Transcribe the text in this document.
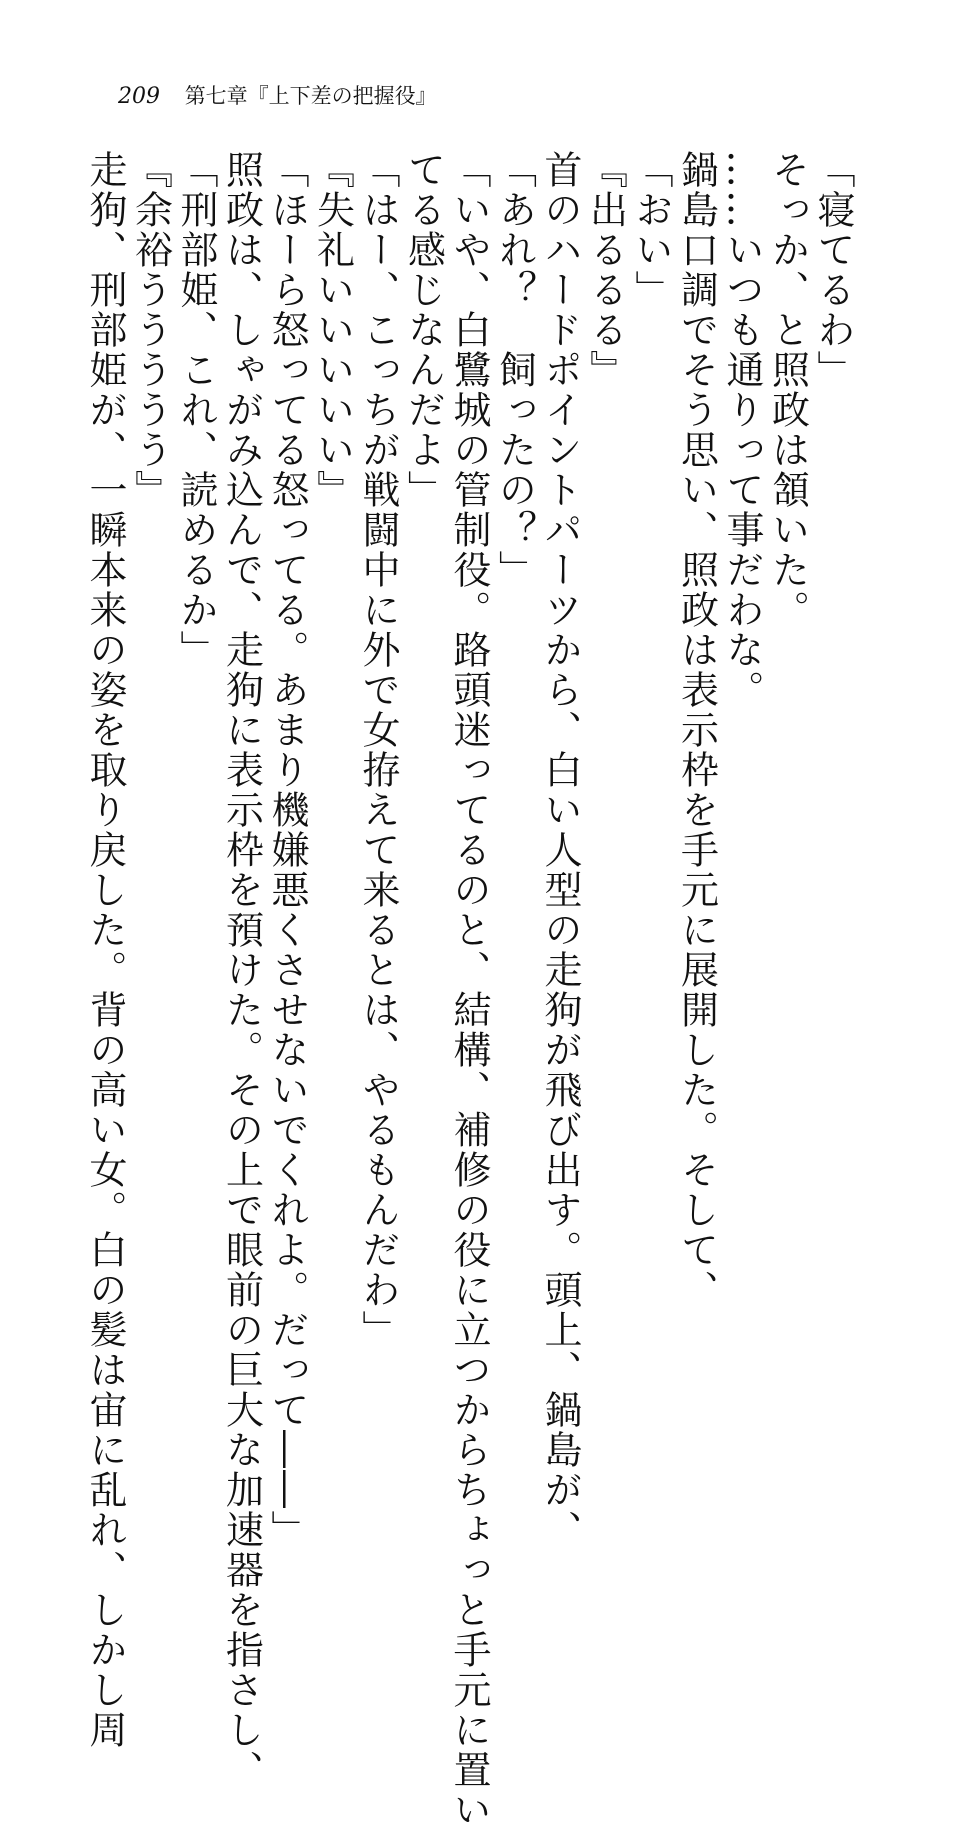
209 第七章『上下差の把握役』
「寝てるわ」
そっか、と照政は頷いた。
……いつも通りって事だわな。
鍋島口調でそう思い、照政は表示枠を手元に展開した。そして、
「おい」
『出るるる』
首のハードポイントパーツから、白い人型の走狗が飛び出す。頭上、鍋島が、
「あれ？　飼ったの？」
「いや、白鷺城の管制役。路頭迷ってるのと、結構、補修の役に立つからちょっと手元に置い
てる感じなんだよ」
「はー、こっちが戦闘中に外で女拵えて来るとは、やるもんだわ」
『失礼いいいいい』
「ほーら怒ってる怒ってる。あまり機嫌悪くさせないでくれよ。だって――」
照政は、しゃがみ込んで、走狗に表示枠を預けた。その上で眼前の巨大な加速器を指さし、
「刑部姫、これ、読めるか」
『余裕ううううう』
走狗、刑部姫が、一瞬本来の姿を取り戻した。背の高い女。白の髪は宙に乱れ、しかし周
